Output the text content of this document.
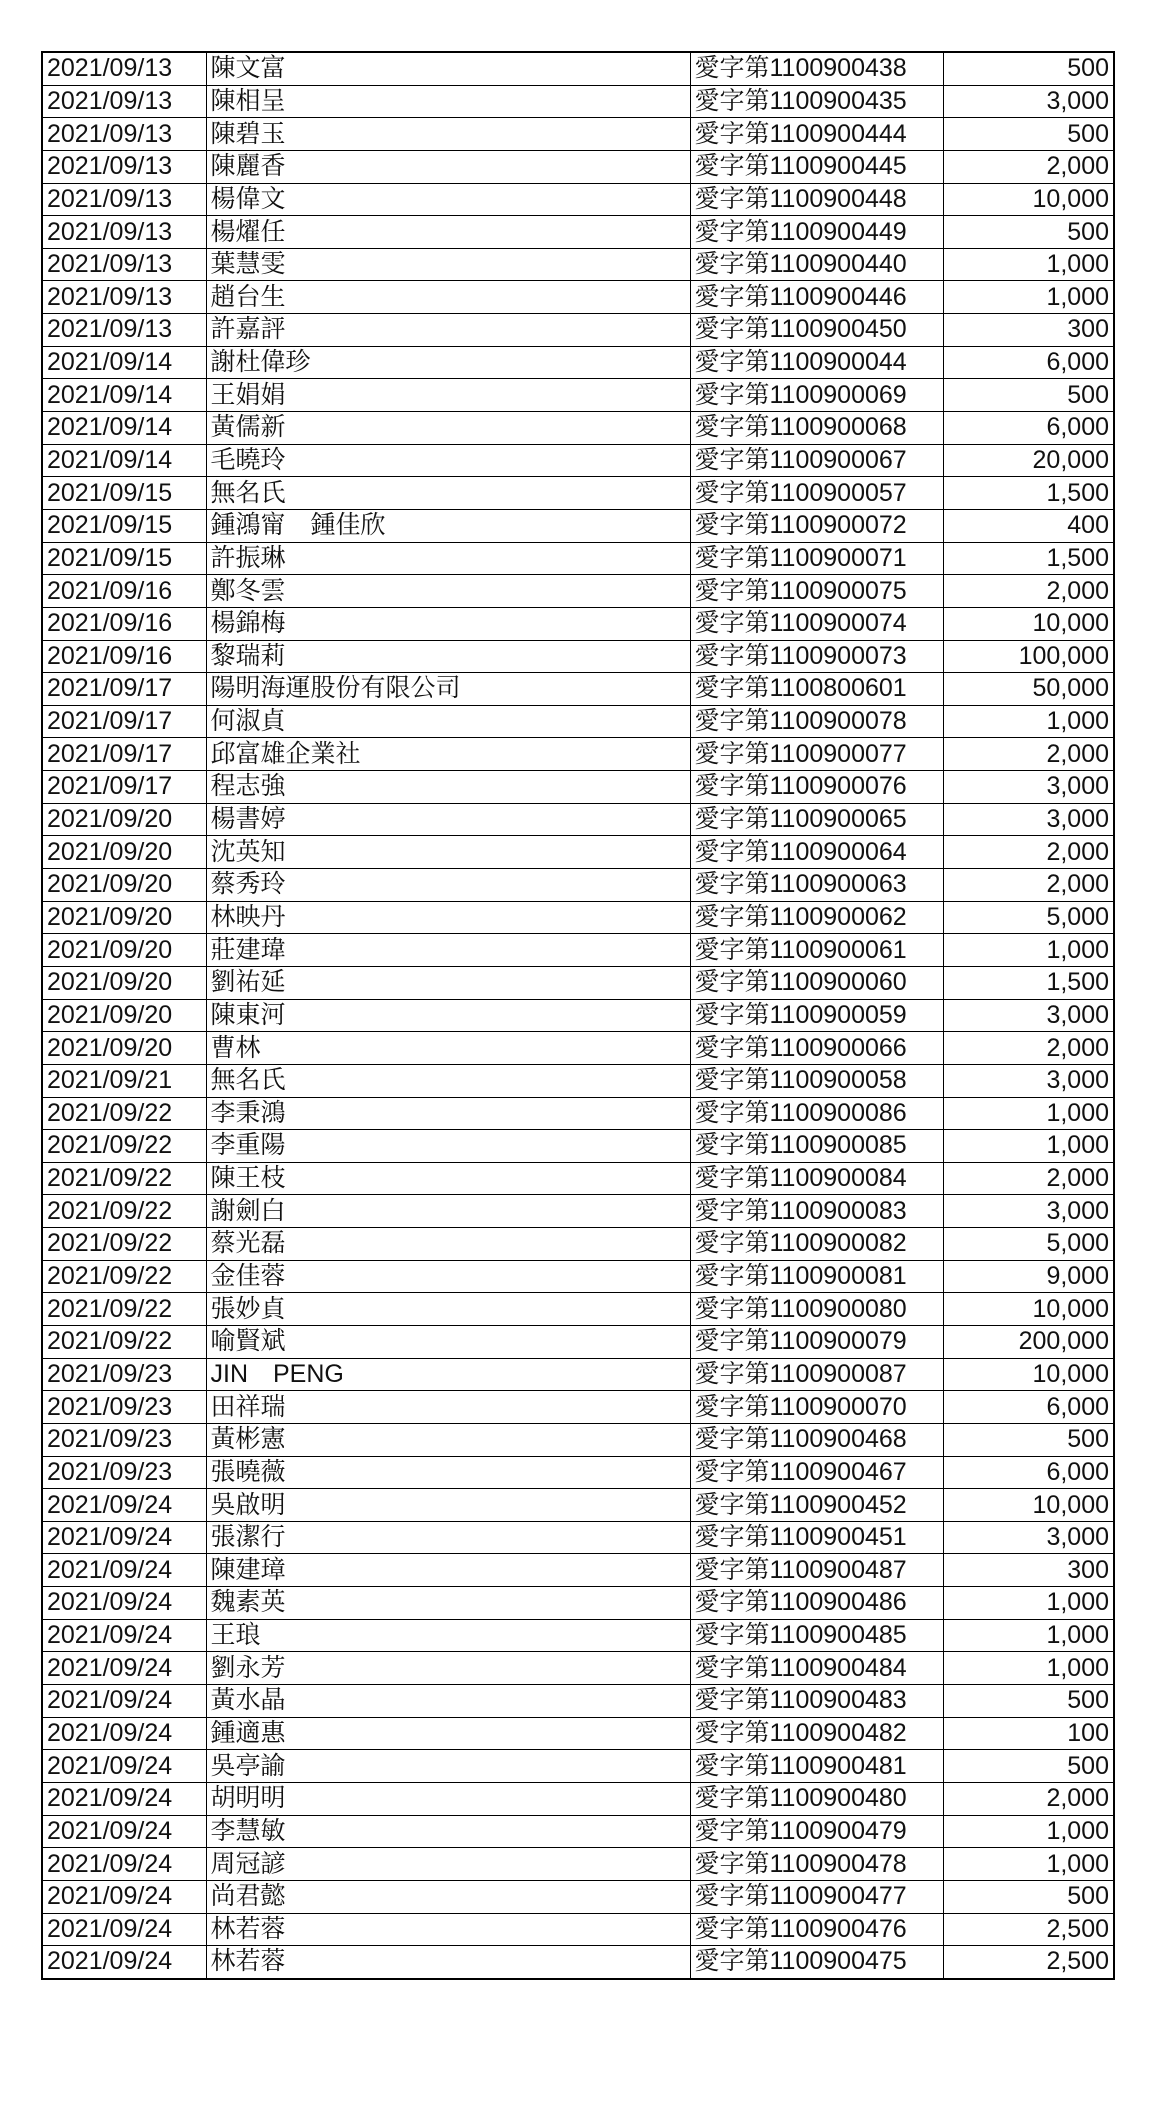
2021/09/13	陳文富	愛字第1100900438	500
2021/09/13	陳相呈	愛字第1100900435	3,000
2021/09/13	陳碧玉	愛字第1100900444	500
2021/09/13	陳麗香	愛字第1100900445	2,000
2021/09/13	楊偉文	愛字第1100900448	10,000
2021/09/13	楊燿任	愛字第1100900449	500
2021/09/13	葉慧雯	愛字第1100900440	1,000
2021/09/13	趙台生	愛字第1100900446	1,000
2021/09/13	許嘉評	愛字第1100900450	300
2021/09/14	謝杜偉珍	愛字第1100900044	6,000
2021/09/14	王娟娟	愛字第1100900069	500
2021/09/14	黃儒新	愛字第1100900068	6,000
2021/09/14	毛曉玲	愛字第1100900067	20,000
2021/09/15	無名氏	愛字第1100900057	1,500
2021/09/15	鍾鴻甯　鍾佳欣	愛字第1100900072	400
2021/09/15	許振琳	愛字第1100900071	1,500
2021/09/16	鄭冬雲	愛字第1100900075	2,000
2021/09/16	楊錦梅	愛字第1100900074	10,000
2021/09/16	黎瑞莉	愛字第1100900073	100,000
2021/09/17	陽明海運股份有限公司	愛字第1100800601	50,000
2021/09/17	何淑貞	愛字第1100900078	1,000
2021/09/17	邱富雄企業社	愛字第1100900077	2,000
2021/09/17	程志強	愛字第1100900076	3,000
2021/09/20	楊書婷	愛字第1100900065	3,000
2021/09/20	沈英知	愛字第1100900064	2,000
2021/09/20	蔡秀玲	愛字第1100900063	2,000
2021/09/20	林映丹	愛字第1100900062	5,000
2021/09/20	莊建瑋	愛字第1100900061	1,000
2021/09/20	劉祐延	愛字第1100900060	1,500
2021/09/20	陳東河	愛字第1100900059	3,000
2021/09/20	曹林	愛字第1100900066	2,000
2021/09/21	無名氏	愛字第1100900058	3,000
2021/09/22	李秉鴻	愛字第1100900086	1,000
2021/09/22	李重陽	愛字第1100900085	1,000
2021/09/22	陳王枝	愛字第1100900084	2,000
2021/09/22	謝劍白	愛字第1100900083	3,000
2021/09/22	蔡光磊	愛字第1100900082	5,000
2021/09/22	金佳蓉	愛字第1100900081	9,000
2021/09/22	張妙貞	愛字第1100900080	10,000
2021/09/22	喻賢斌	愛字第1100900079	200,000
2021/09/23	JIN　PENG	愛字第1100900087	10,000
2021/09/23	田祥瑞	愛字第1100900070	6,000
2021/09/23	黃彬憲	愛字第1100900468	500
2021/09/23	張曉薇	愛字第1100900467	6,000
2021/09/24	吳啟明	愛字第1100900452	10,000
2021/09/24	張潔行	愛字第1100900451	3,000
2021/09/24	陳建璋	愛字第1100900487	300
2021/09/24	魏素英	愛字第1100900486	1,000
2021/09/24	王琅	愛字第1100900485	1,000
2021/09/24	劉永芳	愛字第1100900484	1,000
2021/09/24	黃水晶	愛字第1100900483	500
2021/09/24	鍾適惠	愛字第1100900482	100
2021/09/24	吳亭諭	愛字第1100900481	500
2021/09/24	胡明明	愛字第1100900480	2,000
2021/09/24	李慧敏	愛字第1100900479	1,000
2021/09/24	周冠諺	愛字第1100900478	1,000
2021/09/24	尚君懿	愛字第1100900477	500
2021/09/24	林若蓉	愛字第1100900476	2,500
2021/09/24	林若蓉	愛字第1100900475	2,500
